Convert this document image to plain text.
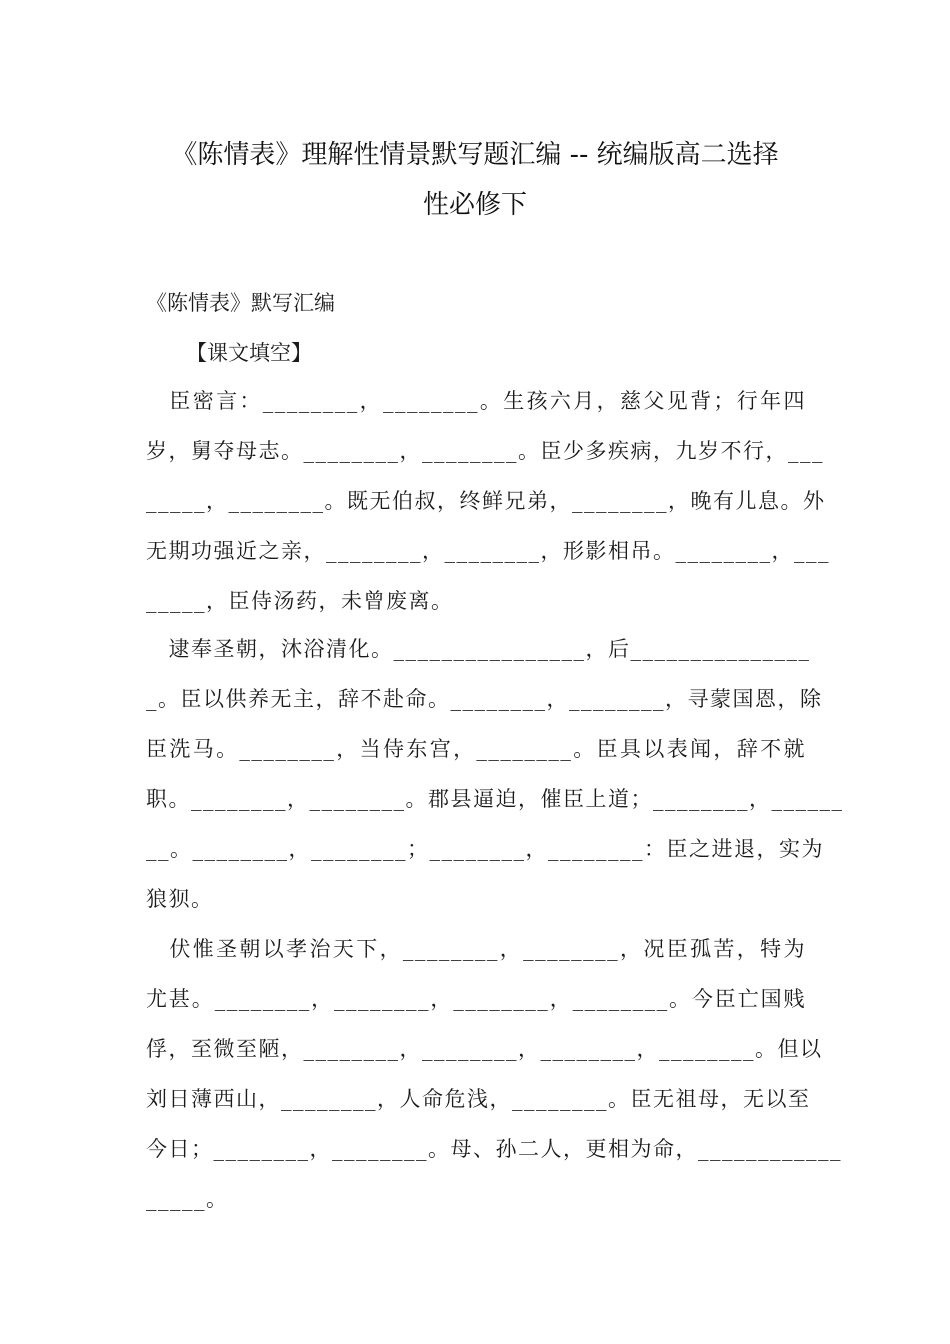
《陈情表》理解性情景默写题汇编 -- 统编版高二选择
性必修下
《陈情表》默写汇编
【课文填空】
　臣密言：________，________。生孩六月，慈父见背；行年四
岁，舅夺母志。________，________。臣少多疾病，九岁不行，___
_____，________。既无伯叔，终鲜兄弟，________，晚有儿息。外
无期功强近之亲，________，________，形影相吊。________，___
_____，臣侍汤药，未曾废离。
　逮奉圣朝，沐浴清化。________________，后_______________
_。臣以供养无主，辞不赴命。________，________，寻蒙国恩，除
臣洗马。________，当侍东宫，________。臣具以表闻，辞不就
职。________，________。郡县逼迫，催臣上道；________，______
__。________，________；________，________：臣之进退，实为
狼狈。
　伏惟圣朝以孝治天下，________，________，况臣孤苦，特为
尤甚。________，________，________，________。今臣亡国贱
俘，至微至陋，________，________，________，________。但以
刘日薄西山，________，人命危浅，________。臣无祖母，无以至
今日；________，________。母、孙二人，更相为命，____________
_____。
